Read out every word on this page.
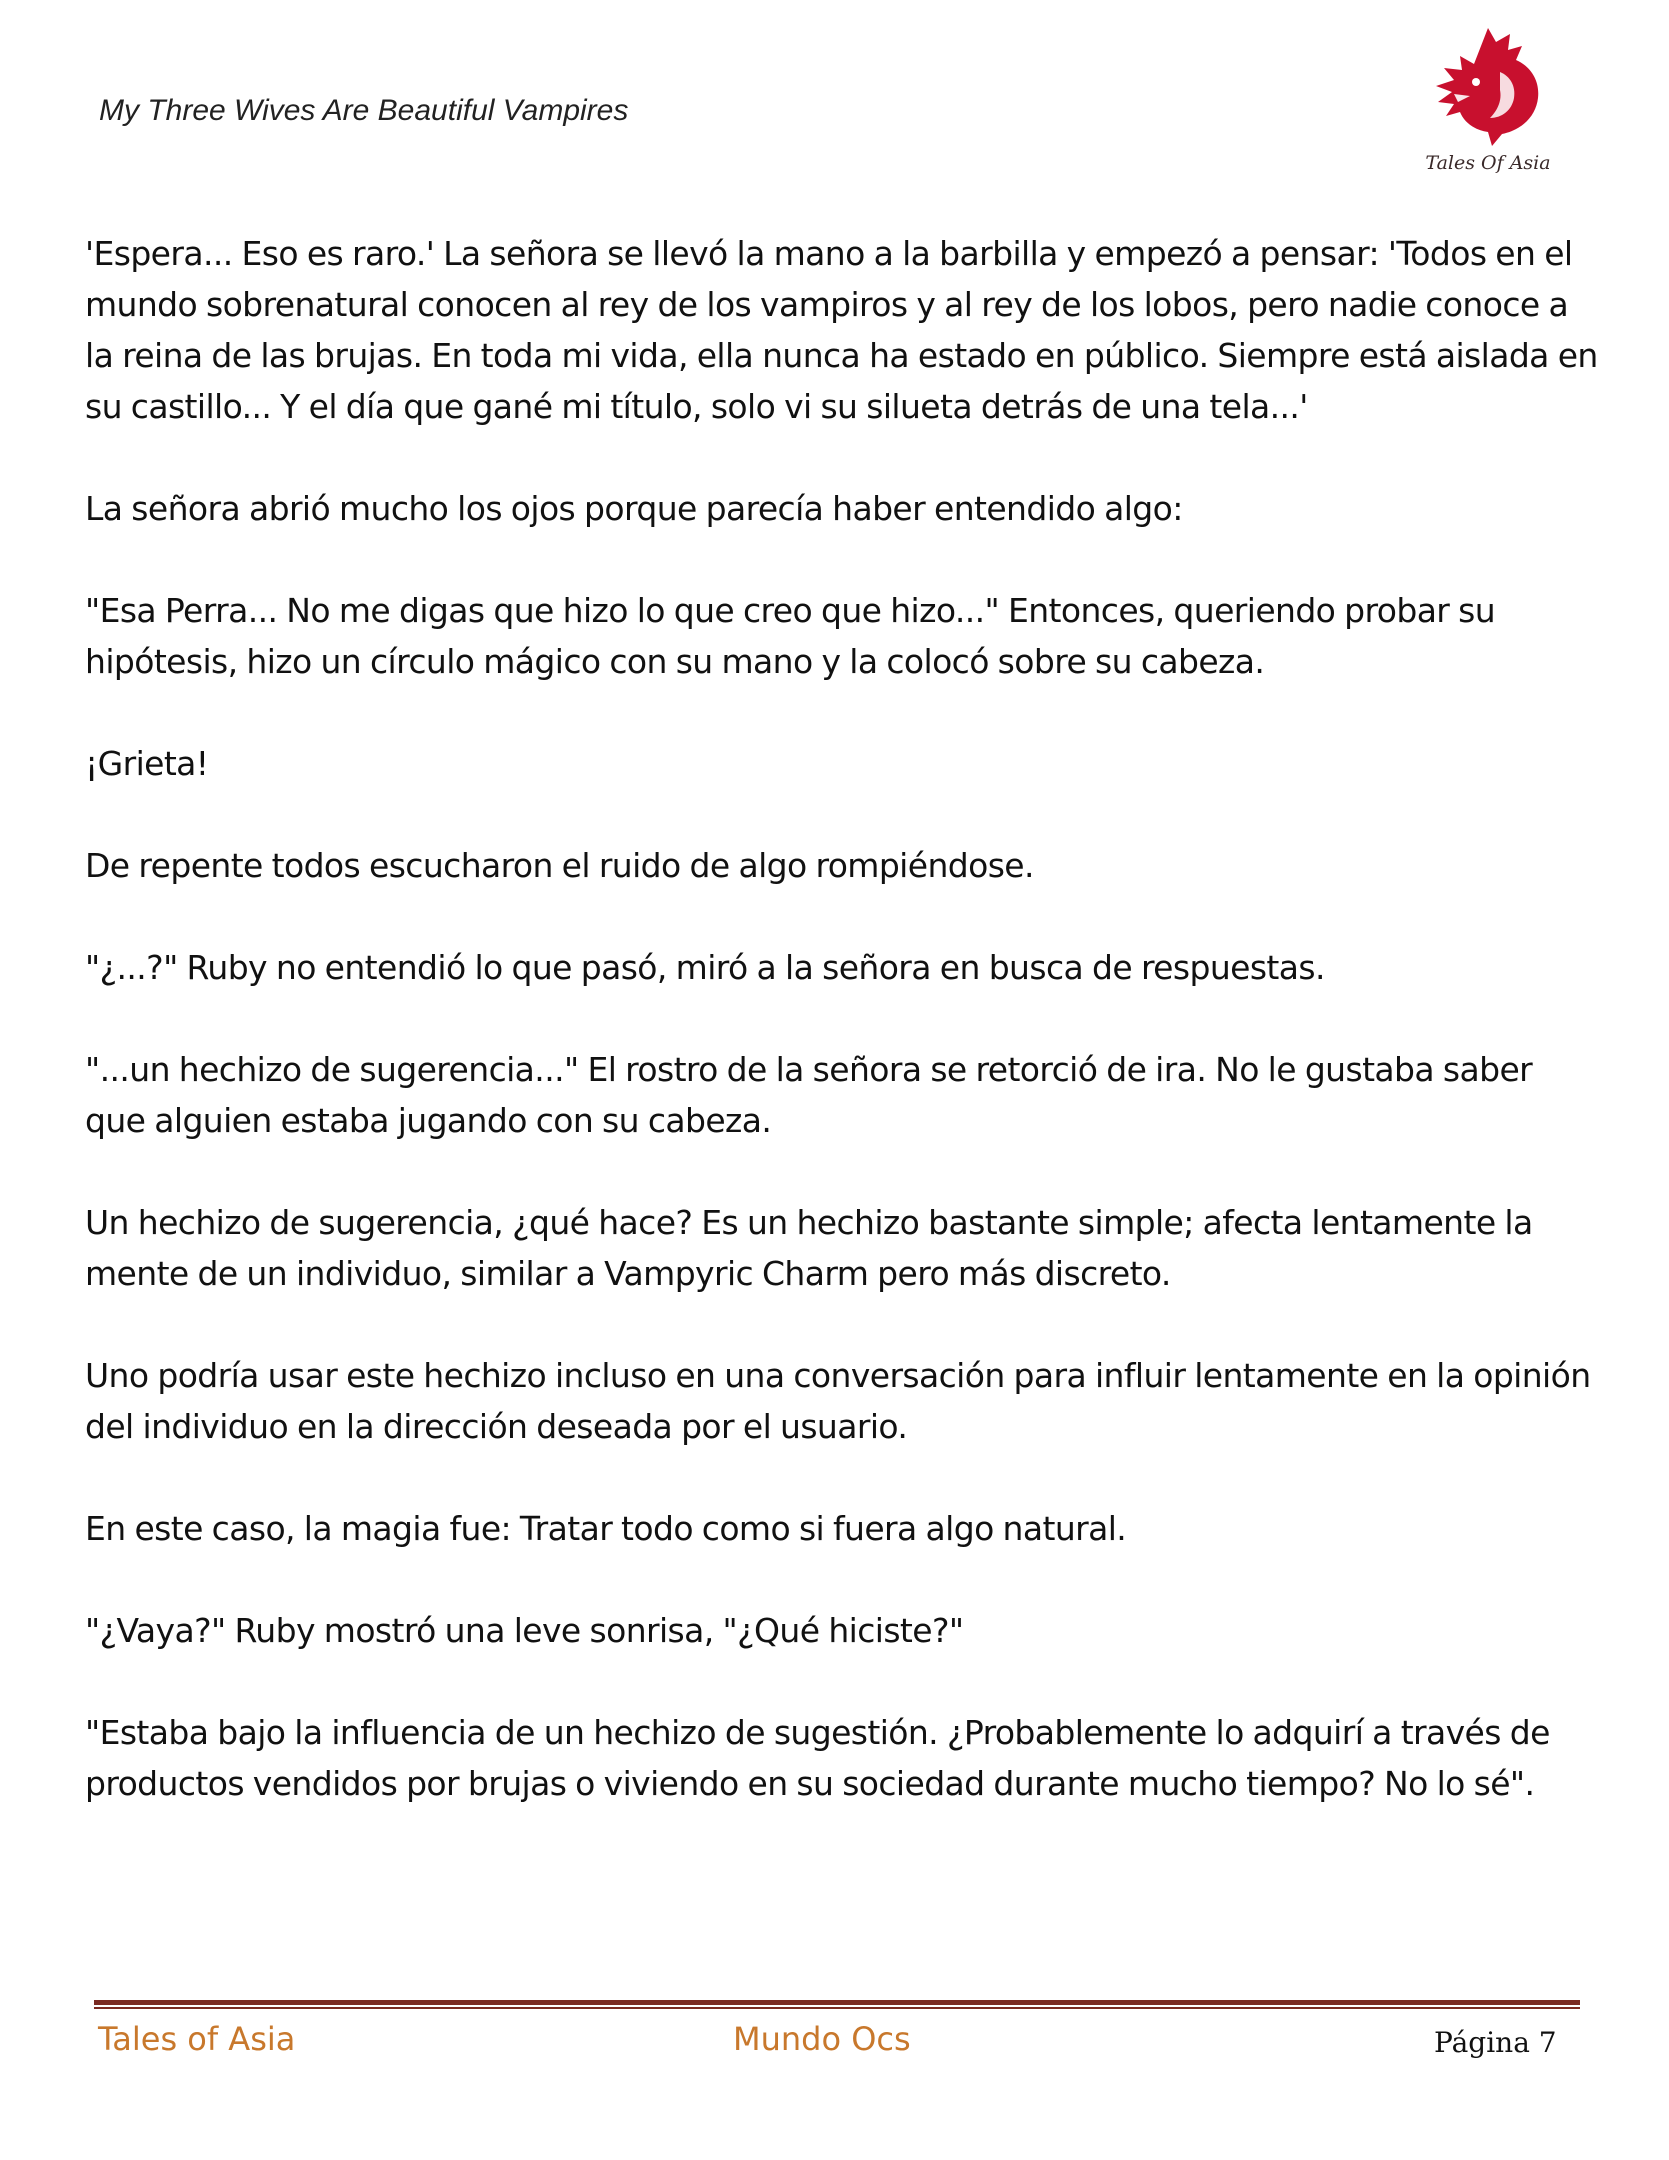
My Three Wives Are Beautiful Vampires
Tales Of Asia

'Espera... Eso es raro.' La señora se llevó la mano a la barbilla y empezó a pensar: 'Todos en el mundo sobrenatural conocen al rey de los vampiros y al rey de los lobos, pero nadie conoce a la reina de las brujas. En toda mi vida, ella nunca ha estado en público. Siempre está aislada en su castillo... Y el día que gané mi título, solo vi su silueta detrás de una tela...'

La señora abrió mucho los ojos porque parecía haber entendido algo:

"Esa Perra... No me digas que hizo lo que creo que hizo..." Entonces, queriendo probar su hipótesis, hizo un círculo mágico con su mano y la colocó sobre su cabeza.

¡Grieta!

De repente todos escucharon el ruido de algo rompiéndose.

"¿...?" Ruby no entendió lo que pasó, miró a la señora en busca de respuestas.

"...un hechizo de sugerencia..." El rostro de la señora se retorció de ira. No le gustaba saber que alguien estaba jugando con su cabeza.

Un hechizo de sugerencia, ¿qué hace? Es un hechizo bastante simple; afecta lentamente la mente de un individuo, similar a Vampyric Charm pero más discreto.

Uno podría usar este hechizo incluso en una conversación para influir lentamente en la opinión del individuo en la dirección deseada por el usuario.

En este caso, la magia fue: Tratar todo como si fuera algo natural.

"¿Vaya?" Ruby mostró una leve sonrisa, "¿Qué hiciste?"

"Estaba bajo la influencia de un hechizo de sugestión. ¿Probablemente lo adquirí a través de productos vendidos por brujas o viviendo en su sociedad durante mucho tiempo? No lo sé".

Tales of Asia	Mundo Ocs	Página 7
